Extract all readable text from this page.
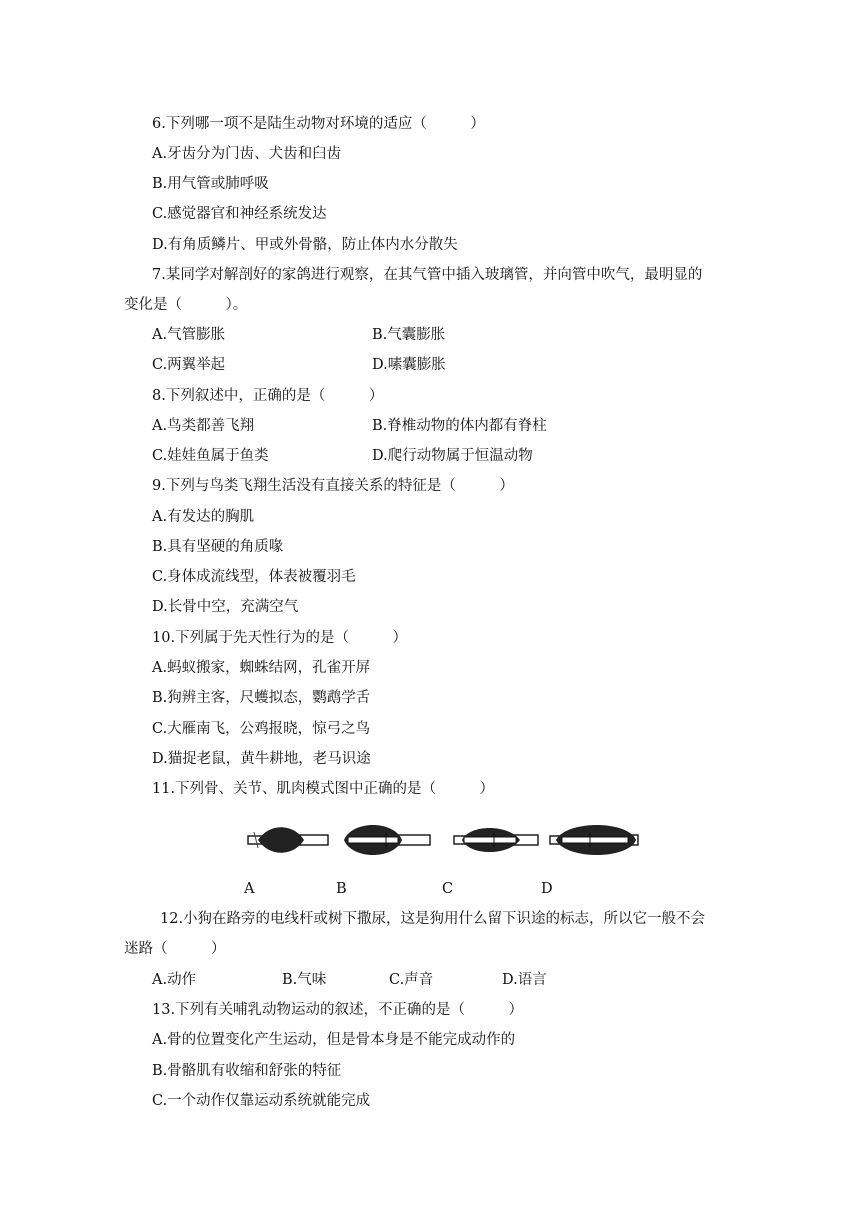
6.下列哪一项不是陆生动物对环境的适应（　　　）
A.牙齿分为门齿、犬齿和臼齿
B.用气管或肺呼吸
C.感觉器官和神经系统发达
D.有角质鳞片、甲或外骨骼，防止体内水分散失
7.某同学对解剖好的家鸽进行观察，在其气管中插入玻璃管，并向管中吹气，最明显的
变化是（　　　）。
A.气管膨胀	B.气囊膨胀
C.两翼举起	D.嗉囊膨胀
8.下列叙述中，正确的是（　　　）
A.鸟类都善飞翔	B.脊椎动物的体内都有脊柱
C.娃娃鱼属于鱼类	D.爬行动物属于恒温动物
9.下列与鸟类飞翔生活没有直接关系的特征是（　　　）
A.有发达的胸肌
B.具有坚硬的角质喙
C.身体成流线型，体表被覆羽毛
D.长骨中空，充满空气
10.下列属于先天性行为的是（　　　）
A.蚂蚁搬家，蜘蛛结网，孔雀开屏
B.狗辨主客，尺蠖拟态，鹦鹉学舌
C.大雁南飞，公鸡报晓，惊弓之鸟
D.猫捉老鼠，黄牛耕地，老马识途
11.下列骨、关节、肌肉模式图中正确的是（　　　）
A	B	C	D
12.小狗在路旁的电线杆或树下撒尿，这是狗用什么留下识途的标志，所以它一般不会
迷路（　　　）
A.动作	B.气味	C.声音	D.语言
13.下列有关哺乳动物运动的叙述，不正确的是（　　　）
A.骨的位置变化产生运动，但是骨本身是不能完成动作的
B.骨骼肌有收缩和舒张的特征
C.一个动作仅靠运动系统就能完成
